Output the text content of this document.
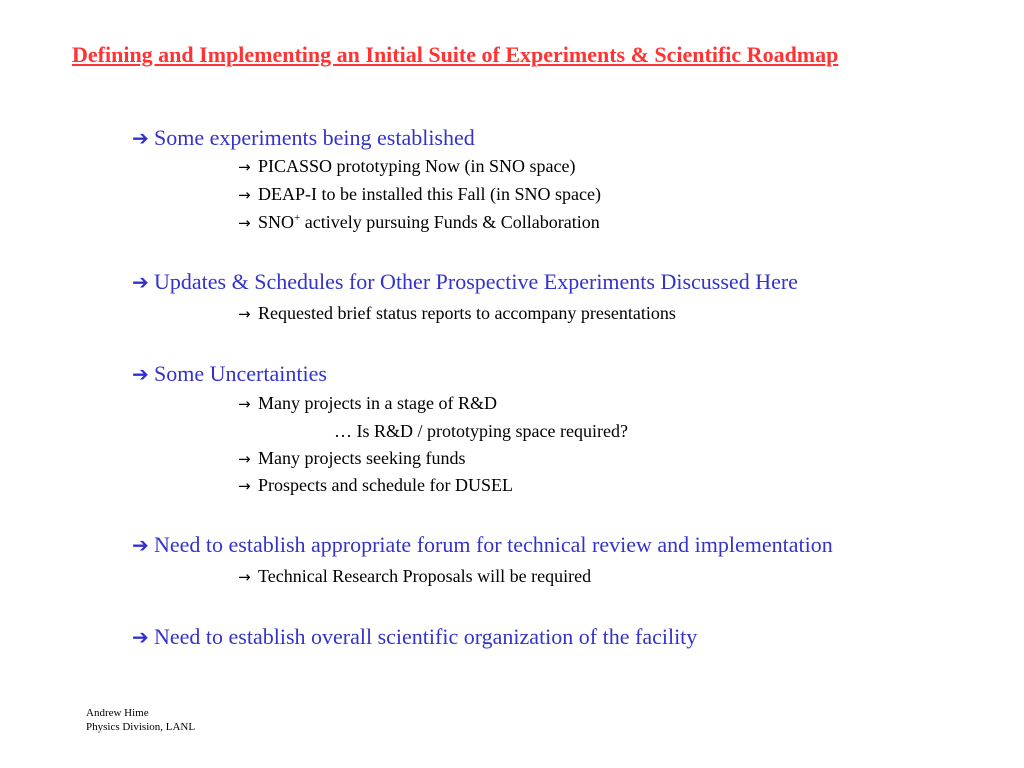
Defining and Implementing an Initial Suite of Experiments & Scientific Roadmap
➔ Some experiments being established
→ PICASSO prototyping Now (in SNO space)
→ DEAP-I to be installed this Fall (in SNO space)
→ SNO+ actively pursuing Funds & Collaboration
➔ Updates & Schedules for Other Prospective Experiments Discussed Here
→ Requested brief status reports to accompany presentations
➔ Some Uncertainties
→ Many projects in a stage of R&D
… Is R&D / prototyping space required?
→ Many projects seeking funds
→ Prospects and schedule for DUSEL
➔ Need to establish appropriate forum for technical review and implementation
→ Technical Research Proposals will be required
➔ Need to establish overall scientific organization of the facility
Andrew Hime
Physics Division, LANL
